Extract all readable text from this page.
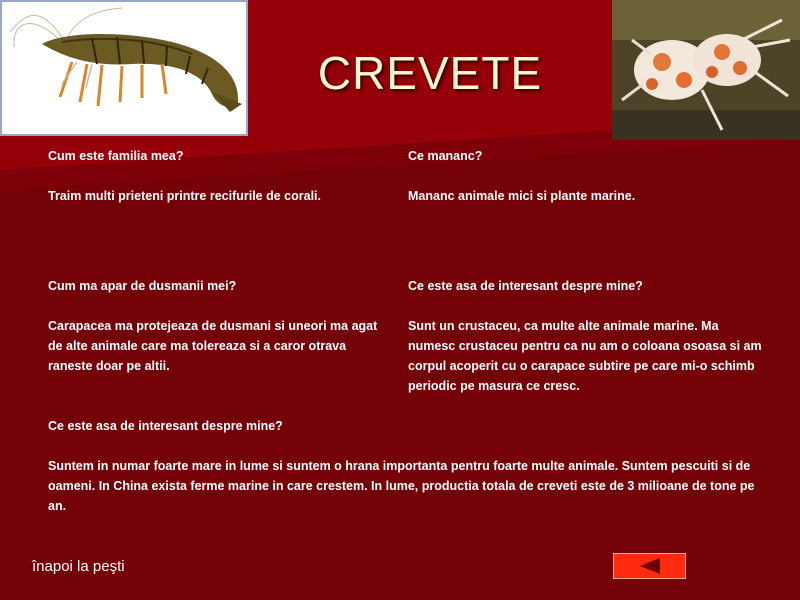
CREVETE

Cum este familia mea?

Traim multi prieteni printre recifurile de corali.

Ce mananc?

Mananc animale mici si plante marine.

Cum ma apar de dusmanii mei?

Carapacea ma protejeaza de dusmani si uneori ma agat de alte animale care ma tolereaza si a caror otrava raneste doar pe altii.

Ce este asa de interesant despre mine?

Sunt un crustaceu, ca multe alte animale marine. Ma numesc crustaceu pentru ca nu am o coloana osoasa si am corpul acoperit cu o carapace subtire pe care mi-o schimb periodic pe masura ce cresc.

Ce este asa de interesant despre mine?

Suntem in numar foarte mare in lume si suntem o hrana importanta pentru foarte multe animale. Suntem pescuiti si de oameni. In China exista ferme marine in care crestem. In lume, productia totala de creveti este de 3 milioane de tone pe an.

înapoi la peşti
